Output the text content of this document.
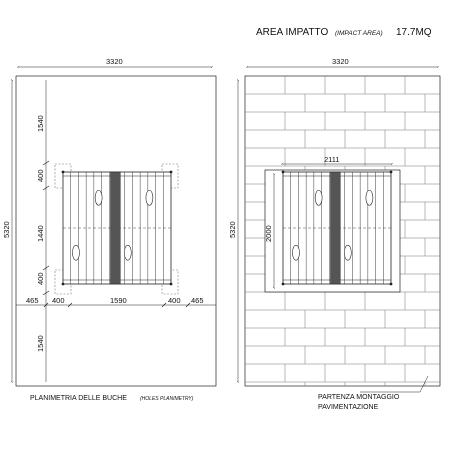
AREA IMPATTO (IMPACT AREA) 17.7MQ
3320
5320
1540
400
1440
400
1540
465 400	1590	400 465
PLANIMETRIA DELLE BUCHE	(HOLES PLANIMETRY)
3320
5320
2111
2000
PARTENZA MONTAGGIO
PAVIMENTAZIONE
